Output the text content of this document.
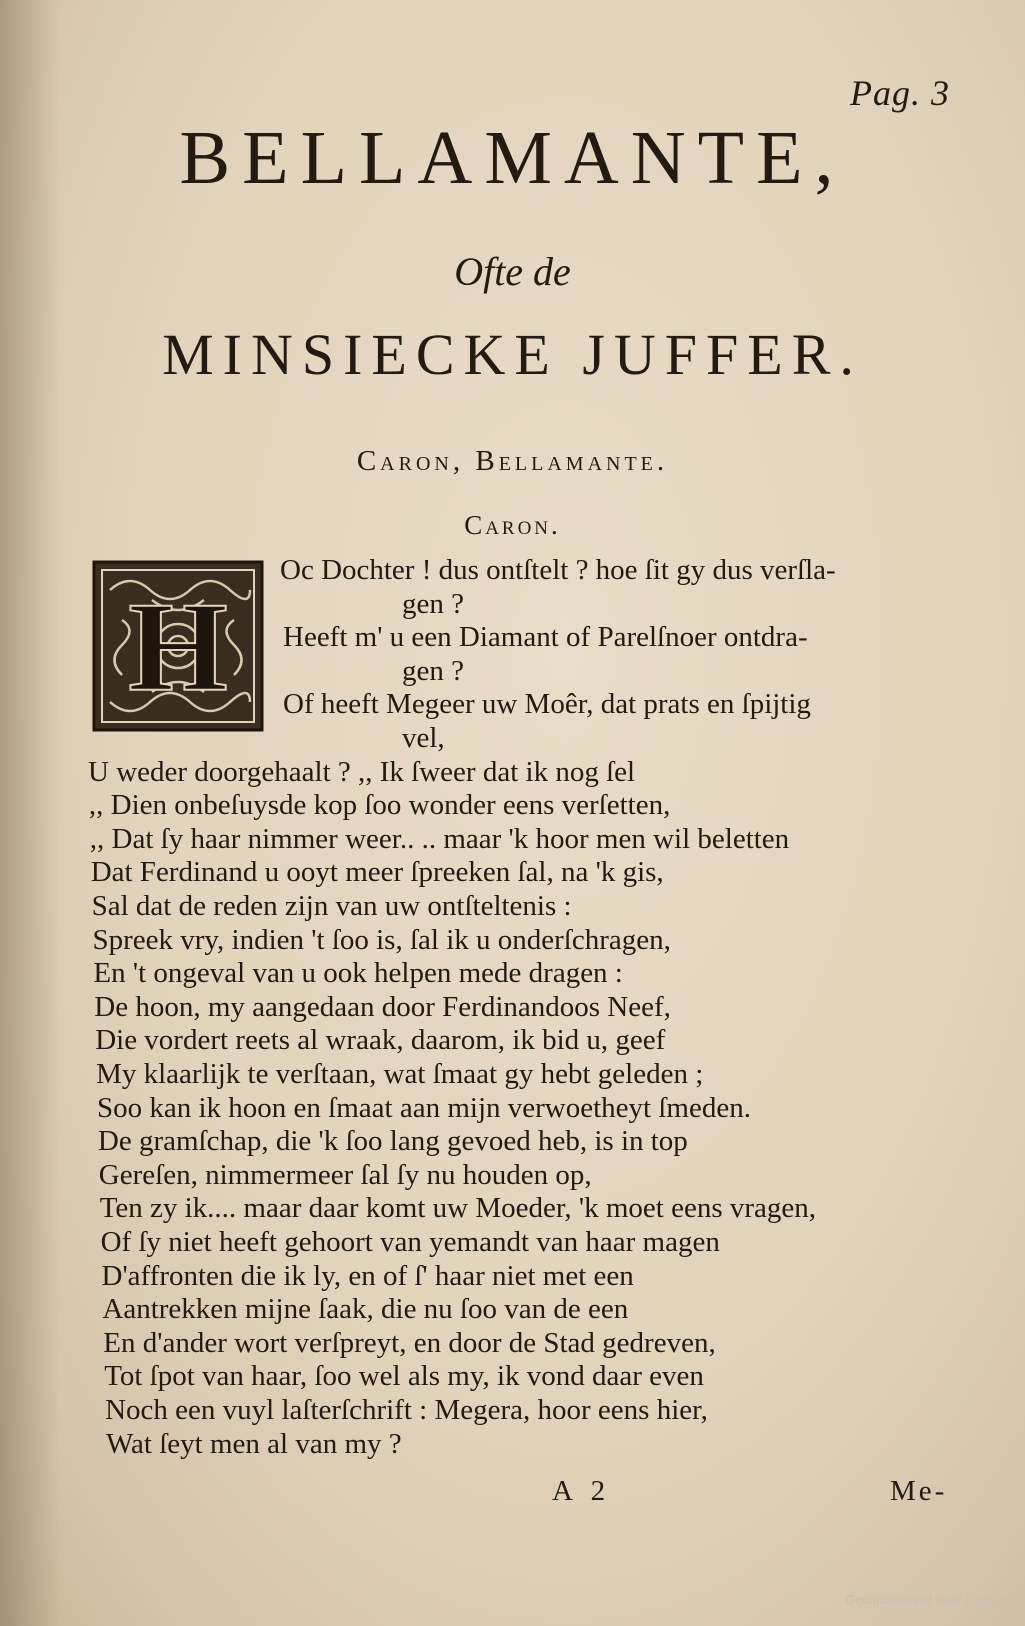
Pag. 3
BELLAMANTE,
Ofte de
MINSIECKE JUFFER.
Caron, Bellamante.
Caron.
H
Oc Dochter ! dus ontſtelt ? hoe ſit gy dus verſla-
gen ?
Heeft m' u een Diamant of Parelſnoer ontdra-
gen ?
Of heeft Megeer uw Moêr, dat prats en ſpijtig
vel,
U weder doorgehaalt ? ,, Ik ſweer dat ik nog ſel
,, Dien onbeſuysde kop ſoo wonder eens verſetten,
,, Dat ſy haar nimmer weer.. .. maar 'k hoor men wil beletten
Dat Ferdinand u ooyt meer ſpreeken ſal, na 'k gis,
Sal dat de reden zijn van uw ontſteltenis :
Spreek vry, indien 't ſoo is, ſal ik u onderſchragen,
En 't ongeval van u ook helpen mede dragen :
De hoon, my aangedaan door Ferdinandoos Neef,
Die vordert reets al wraak, daarom, ik bid u, geef
My klaarlijk te verſtaan, wat ſmaat gy hebt geleden ;
Soo kan ik hoon en ſmaat aan mijn verwoetheyt ſmeden.
De gramſchap, die 'k ſoo lang gevoed heb, is in top
Gereſen, nimmermeer ſal ſy nu houden op,
Ten zy ik.... maar daar komt uw Moeder, 'k moet eens vragen,
Of ſy niet heeft gehoort van yemandt van haar magen
D'affronten die ik ly, en of ſ' haar niet met een
Aantrekken mijne ſaak, die nu ſoo van de een
En d'ander wort verſpreyt, en door de Stad gedreven,
Tot ſpot van haar, ſoo wel als my, ik vond daar even
Noch een vuyl laſterſchrift : Megera, hoor eens hier,
Wat ſeyt men al van my ?
A 2	Me-
Gedigitaliseerd door Google
